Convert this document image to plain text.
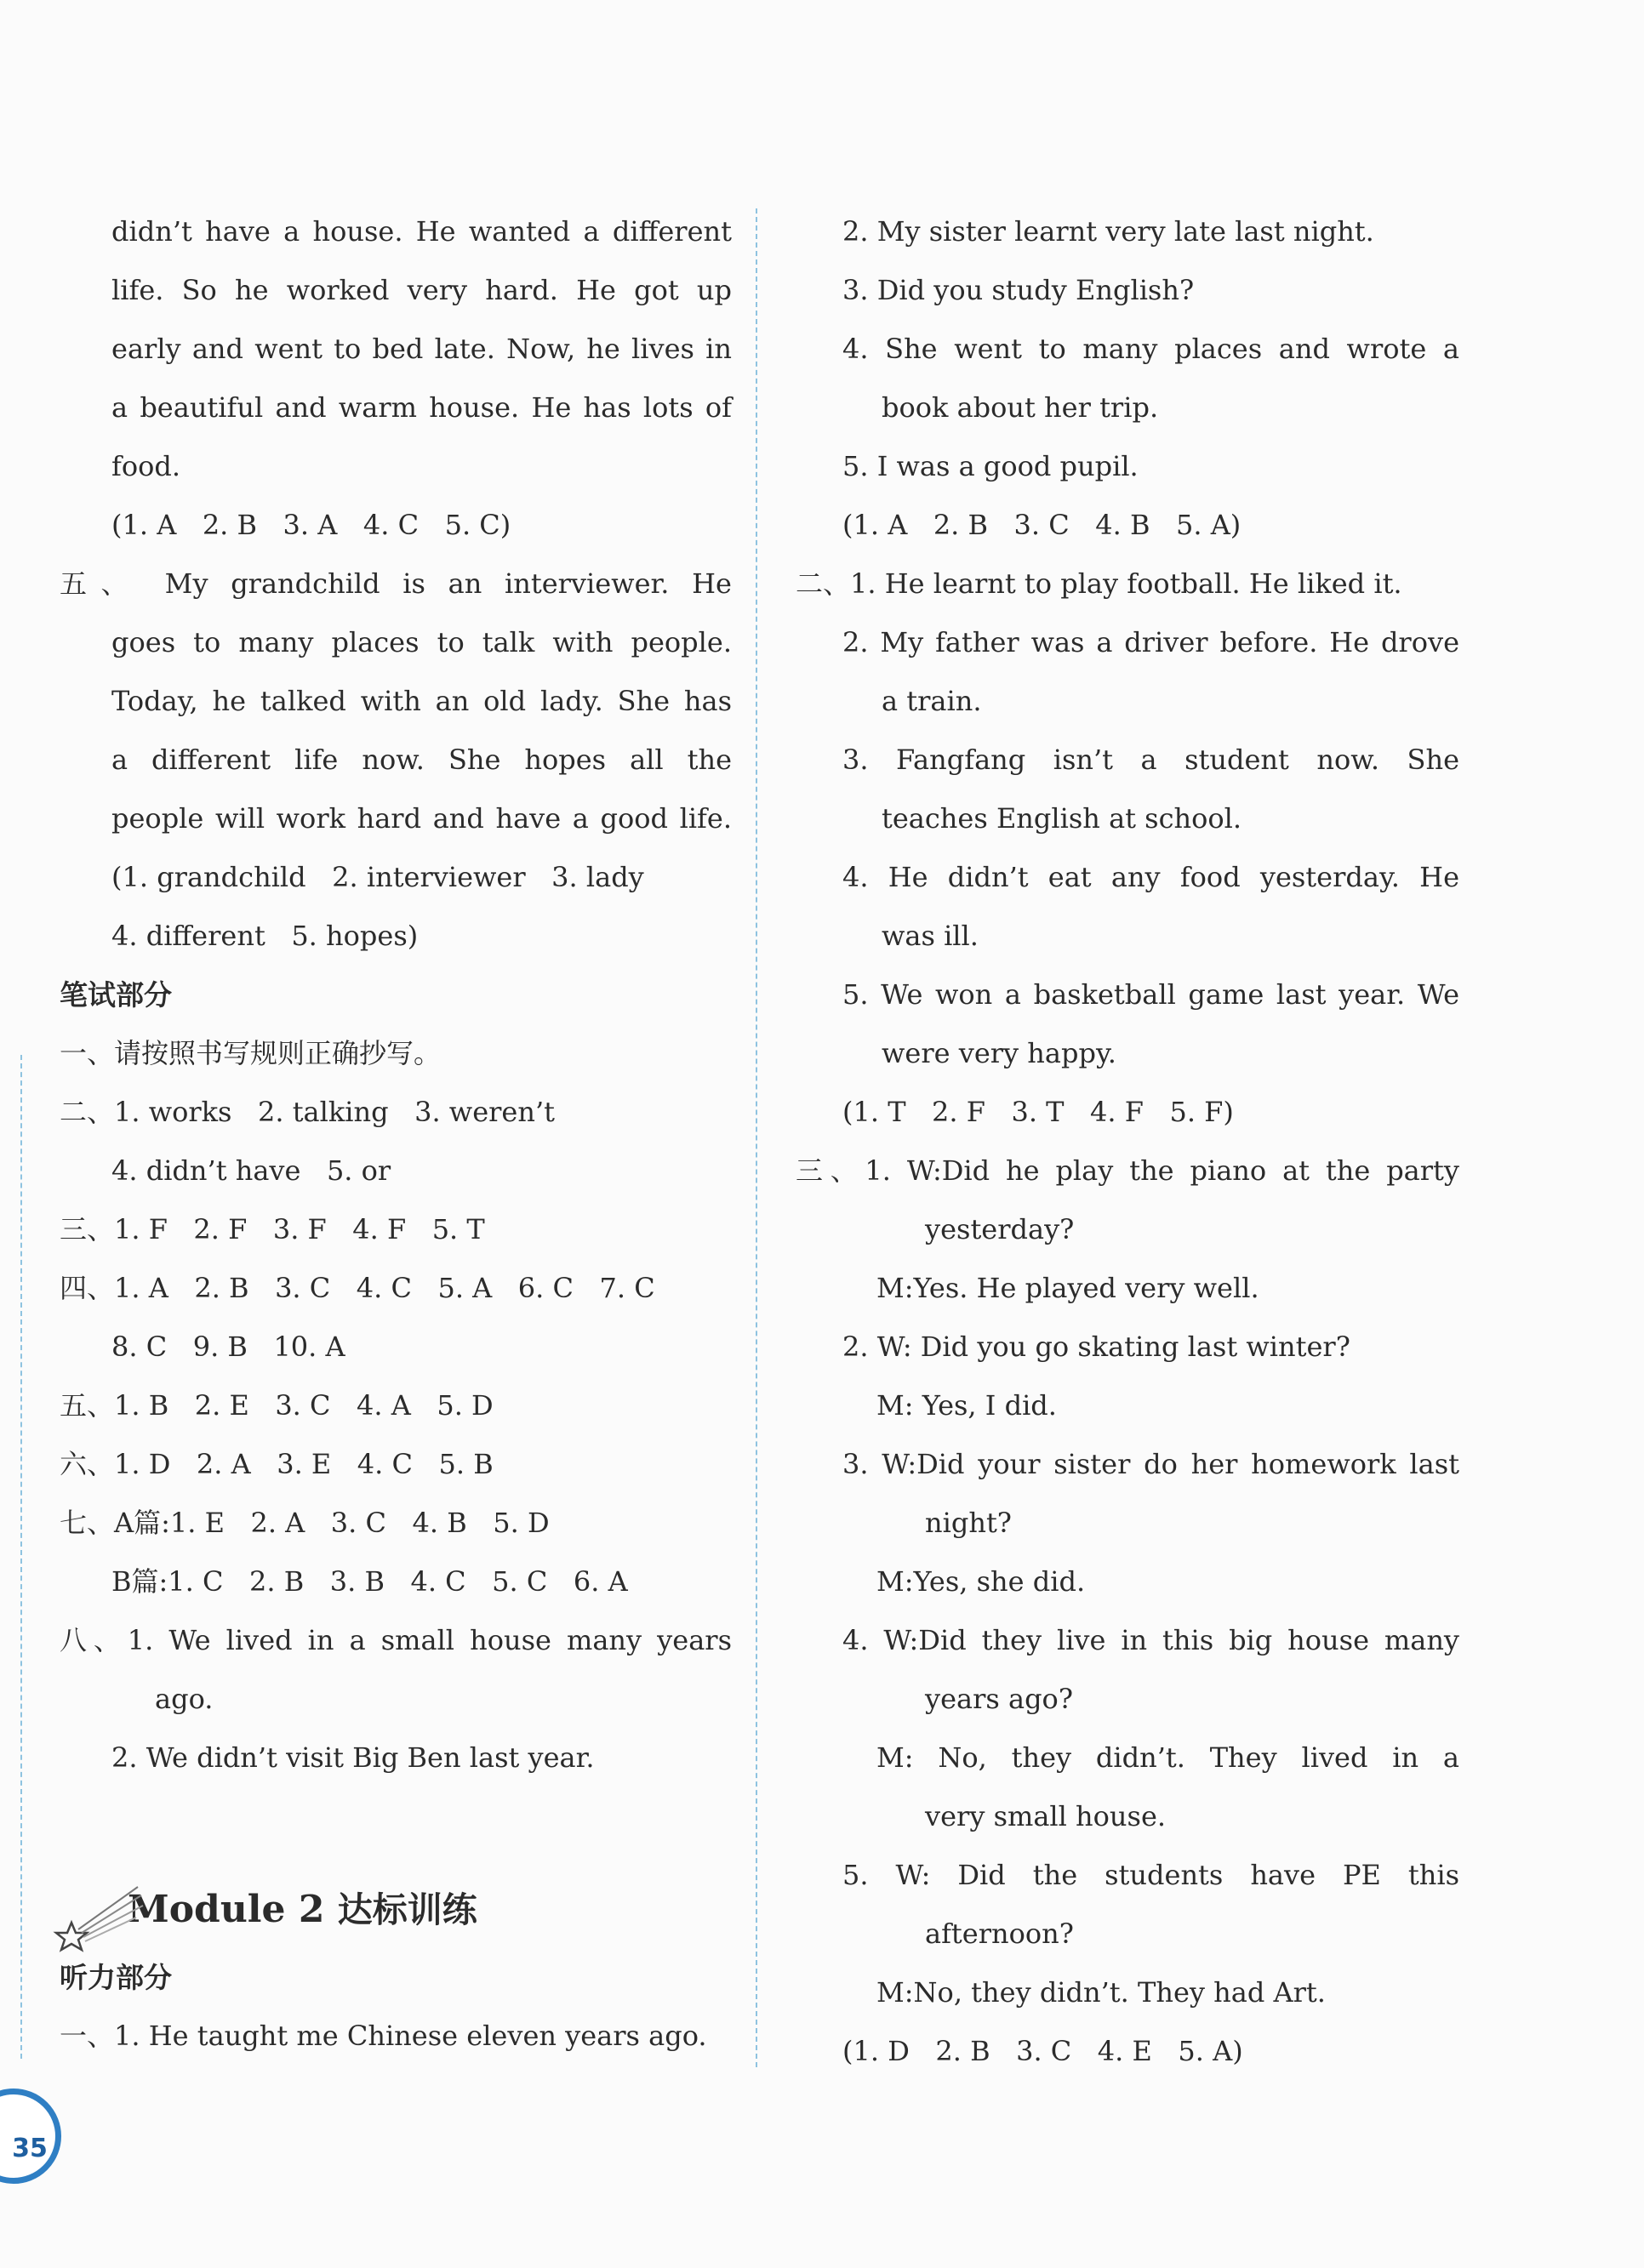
didn’t have a house. He wanted a different
life. So he worked very hard. He got up
early and went to bed late. Now, he lives in
a beautiful and warm house. He has lots of
food.
(1. A   2. B   3. A   4. C   5. C)
五、 My grandchild is an interviewer. He
goes to many places to talk with people.
Today, he talked with an old lady. She has
a different life now. She hopes all the
people will work hard and have a good life.
(1. grandchild   2. interviewer   3. lady
4. different   5. hopes)
笔试部分
一、请按照书写规则正确抄写。
二、1. works   2. talking   3. weren’t
4. didn’t have   5. or
三、1. F   2. F   3. F   4. F   5. T
四、1. A   2. B   3. C   4. C   5. A   6. C   7. C
8. C   9. B   10. A
五、1. B   2. E   3. C   4. A   5. D
六、1. D   2. A   3. E   4. C   5. B
七、A篇:1. E   2. A   3. C   4. B   5. D
B篇:1. C   2. B   3. B   4. C   5. C   6. A
八、1. We lived in a small house many years
ago.
2. We didn’t visit Big Ben last year.
Module 2 达标训练
听力部分
一、1. He taught me Chinese eleven years ago.
2. My sister learnt very late last night.
3. Did you study English?
4. She went to many places and wrote a
book about her trip.
5. I was a good pupil.
(1. A   2. B   3. C   4. B   5. A)
二、1. He learnt to play football. He liked it.
2. My father was a driver before. He drove
a train.
3. Fangfang isn’t a student now. She
teaches English at school.
4. He didn’t eat any food yesterday. He
was ill.
5. We won a basketball game last year. We
were very happy.
(1. T   2. F   3. T   4. F   5. F)
三、1. W:Did he play the piano at the party
yesterday?
M:Yes. He played very well.
2. W: Did you go skating last winter?
M: Yes, I did.
3. W:Did your sister do her homework last
night?
M:Yes, she did.
4. W:Did they live in this big house many
years ago?
M: No, they didn’t. They lived in a
very small house.
5. W: Did the students have PE this
afternoon?
M:No, they didn’t. They had Art.
(1. D   2. B   3. C   4. E   5. A)
35
